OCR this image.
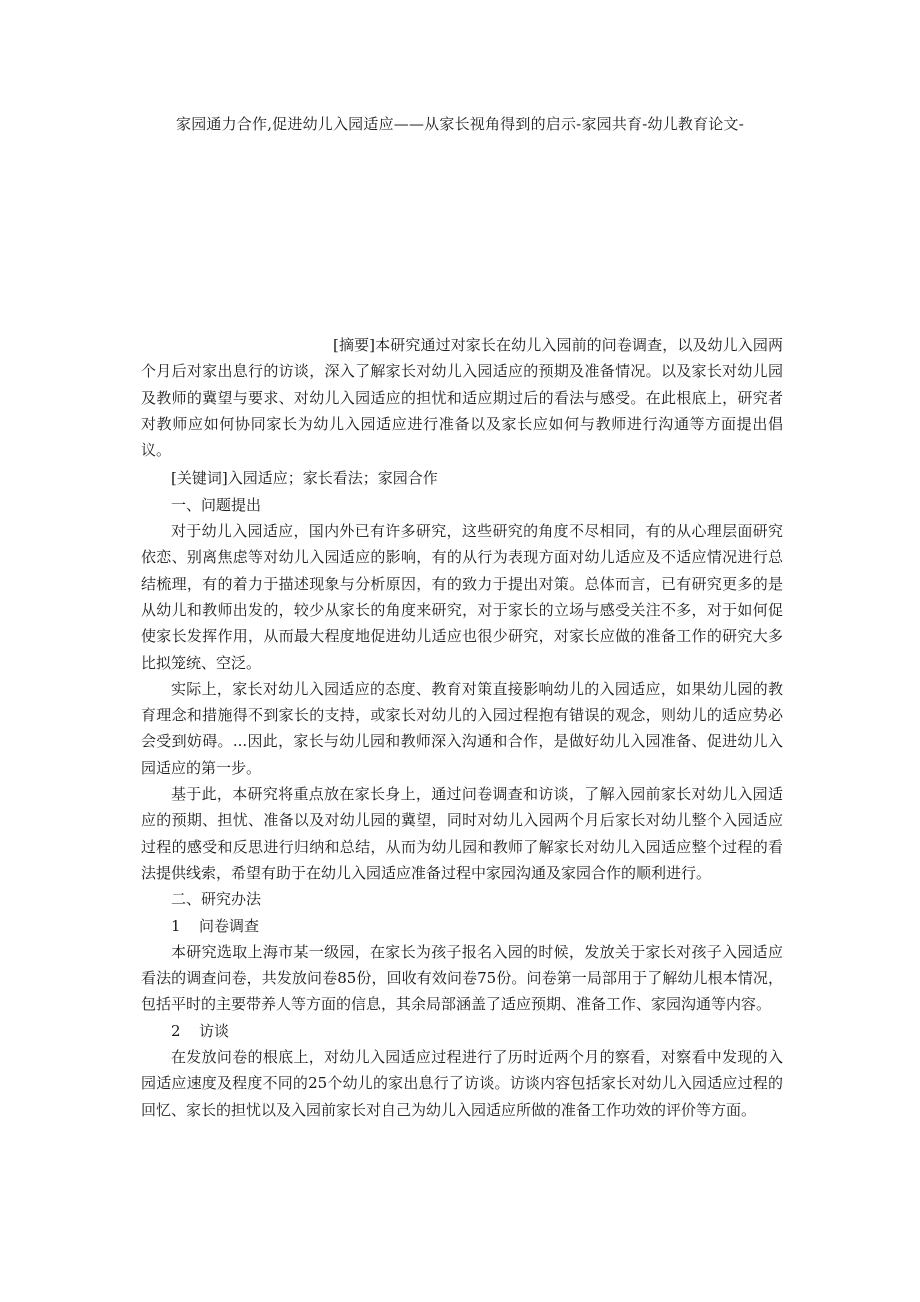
家园通力合作,促进幼儿入园适应——从家长视角得到的启示-家园共育-幼儿教育论文-

[摘要]本研究通过对家长在幼儿入园前的问卷调查，以及幼儿入园两个月后对家出息行的访谈，深入了解家长对幼儿入园适应的预期及准备情况。以及家长对幼儿园及教师的冀望与要求、对幼儿入园适应的担忧和适应期过后的看法与感受。在此根底上，研究者对教师应如何协同家长为幼儿入园适应进行准备以及家长应如何与教师进行沟通等方面提出倡议。

[关键词]入园适应；家长看法；家园合作

一、问题提出

对于幼儿入园适应，国内外已有许多研究，这些研究的角度不尽相同，有的从心理层面研究依恋、别离焦虑等对幼儿入园适应的影响，有的从行为表现方面对幼儿适应及不适应情况进行总结梳理，有的着力于描述现象与分析原因，有的致力于提出对策。总体而言，已有研究更多的是从幼儿和教师出发的，较少从家长的角度来研究，对于家长的立场与感受关注不多，对于如何促使家长发挥作用，从而最大程度地促进幼儿适应也很少研究，对家长应做的准备工作的研究大多比拟笼统、空泛。

实际上，家长对幼儿入园适应的态度、教育对策直接影响幼儿的入园适应，如果幼儿园的教育理念和措施得不到家长的支持，或家长对幼儿的入园过程抱有错误的观念，则幼儿的适应势必会受到妨碍。...因此，家长与幼儿园和教师深入沟通和合作，是做好幼儿入园准备、促进幼儿入园适应的第一步。

基于此，本研究将重点放在家长身上，通过问卷调查和访谈，了解入园前家长对幼儿入园适应的预期、担忧、准备以及对幼儿园的冀望，同时对幼儿入园两个月后家长对幼儿整个入园适应过程的感受和反思进行归纳和总结，从而为幼儿园和教师了解家长对幼儿入园适应整个过程的看法提供线索，希望有助于在幼儿入园适应准备过程中家园沟通及家园合作的顺利进行。

二、研究办法

1 问卷调查

本研究选取上海市某一级园，在家长为孩子报名入园的时候，发放关于家长对孩子入园适应看法的调查问卷，共发放问卷85份，回收有效问卷75份。问卷第一局部用于了解幼儿根本情况，包括平时的主要带养人等方面的信息，其余局部涵盖了适应预期、准备工作、家园沟通等内容。

2 访谈

在发放问卷的根底上，对幼儿入园适应过程进行了历时近两个月的察看，对察看中发现的入园适应速度及程度不同的25个幼儿的家出息行了访谈。访谈内容包括家长对幼儿入园适应过程的回忆、家长的担忧以及入园前家长对自己为幼儿入园适应所做的准备工作功效的评价等方面。
